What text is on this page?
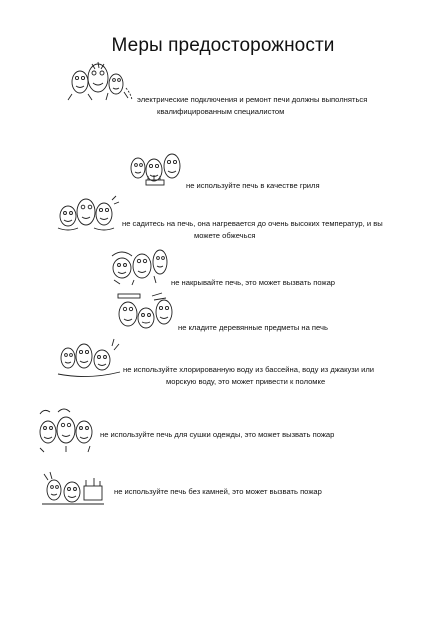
Меры предосторожности
электрические подключения и ремонт печи должны выполняться
квалифицированным специалистом
не используйте печь в качестве гриля
не садитесь на печь, она нагревается до очень высоких температур, и вы
можете обжечься
не накрывайте печь, это может вызвать пожар
не кладите деревянные предметы на печь
не используйте хлорированную воду из бассейна, воду из джакузи или
морскую воду, это может привести к поломке
не используйте печь для сушки одежды, это может вызвать пожар
не используйте печь без камней, это может вызвать пожар
